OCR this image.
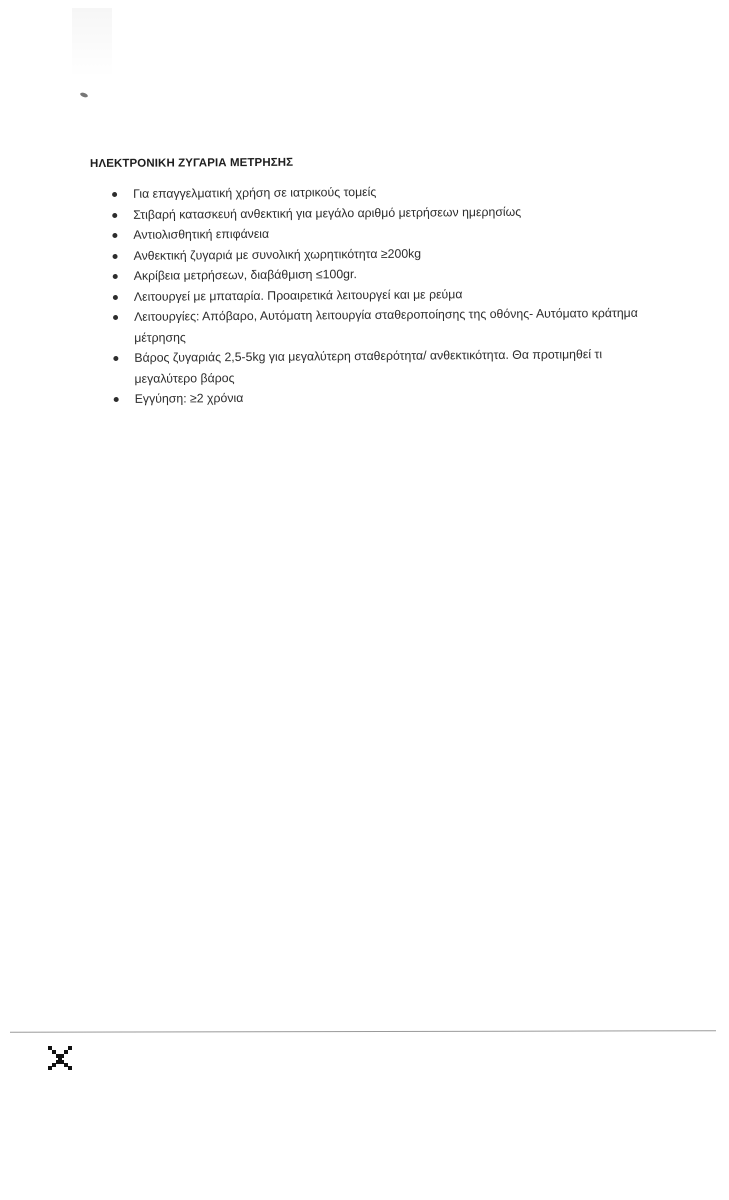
ΗΛΕΚΤΡΟΝΙΚΗ ΖΥΓΑΡΙΑ ΜΕΤΡΗΣΗΣ
Για επαγγελματική χρήση σε ιατρικούς τομείς
Στιβαρή κατασκευή ανθεκτική για μεγάλο αριθμό μετρήσεων ημερησίως
Αντιολισθητική επιφάνεια
Ανθεκτική ζυγαριά με συνολική χωρητικότητα ≥200kg
Ακρίβεια μετρήσεων, διαβάθμιση ≤100gr.
Λειτουργεί με μπαταρία. Προαιρετικά λειτουργεί και με ρεύμα
Λειτουργίες: Απόβαρο, Αυτόματη λειτουργία σταθεροποίησης της οθόνης- Αυτόματο κράτημα μέτρησης
Βάρος ζυγαριάς 2,5-5kg για μεγαλύτερη σταθερότητα/ ανθεκτικότητα. Θα προτιμηθεί τι μεγαλύτερο βάρος
Εγγύηση: ≥2 χρόνια
